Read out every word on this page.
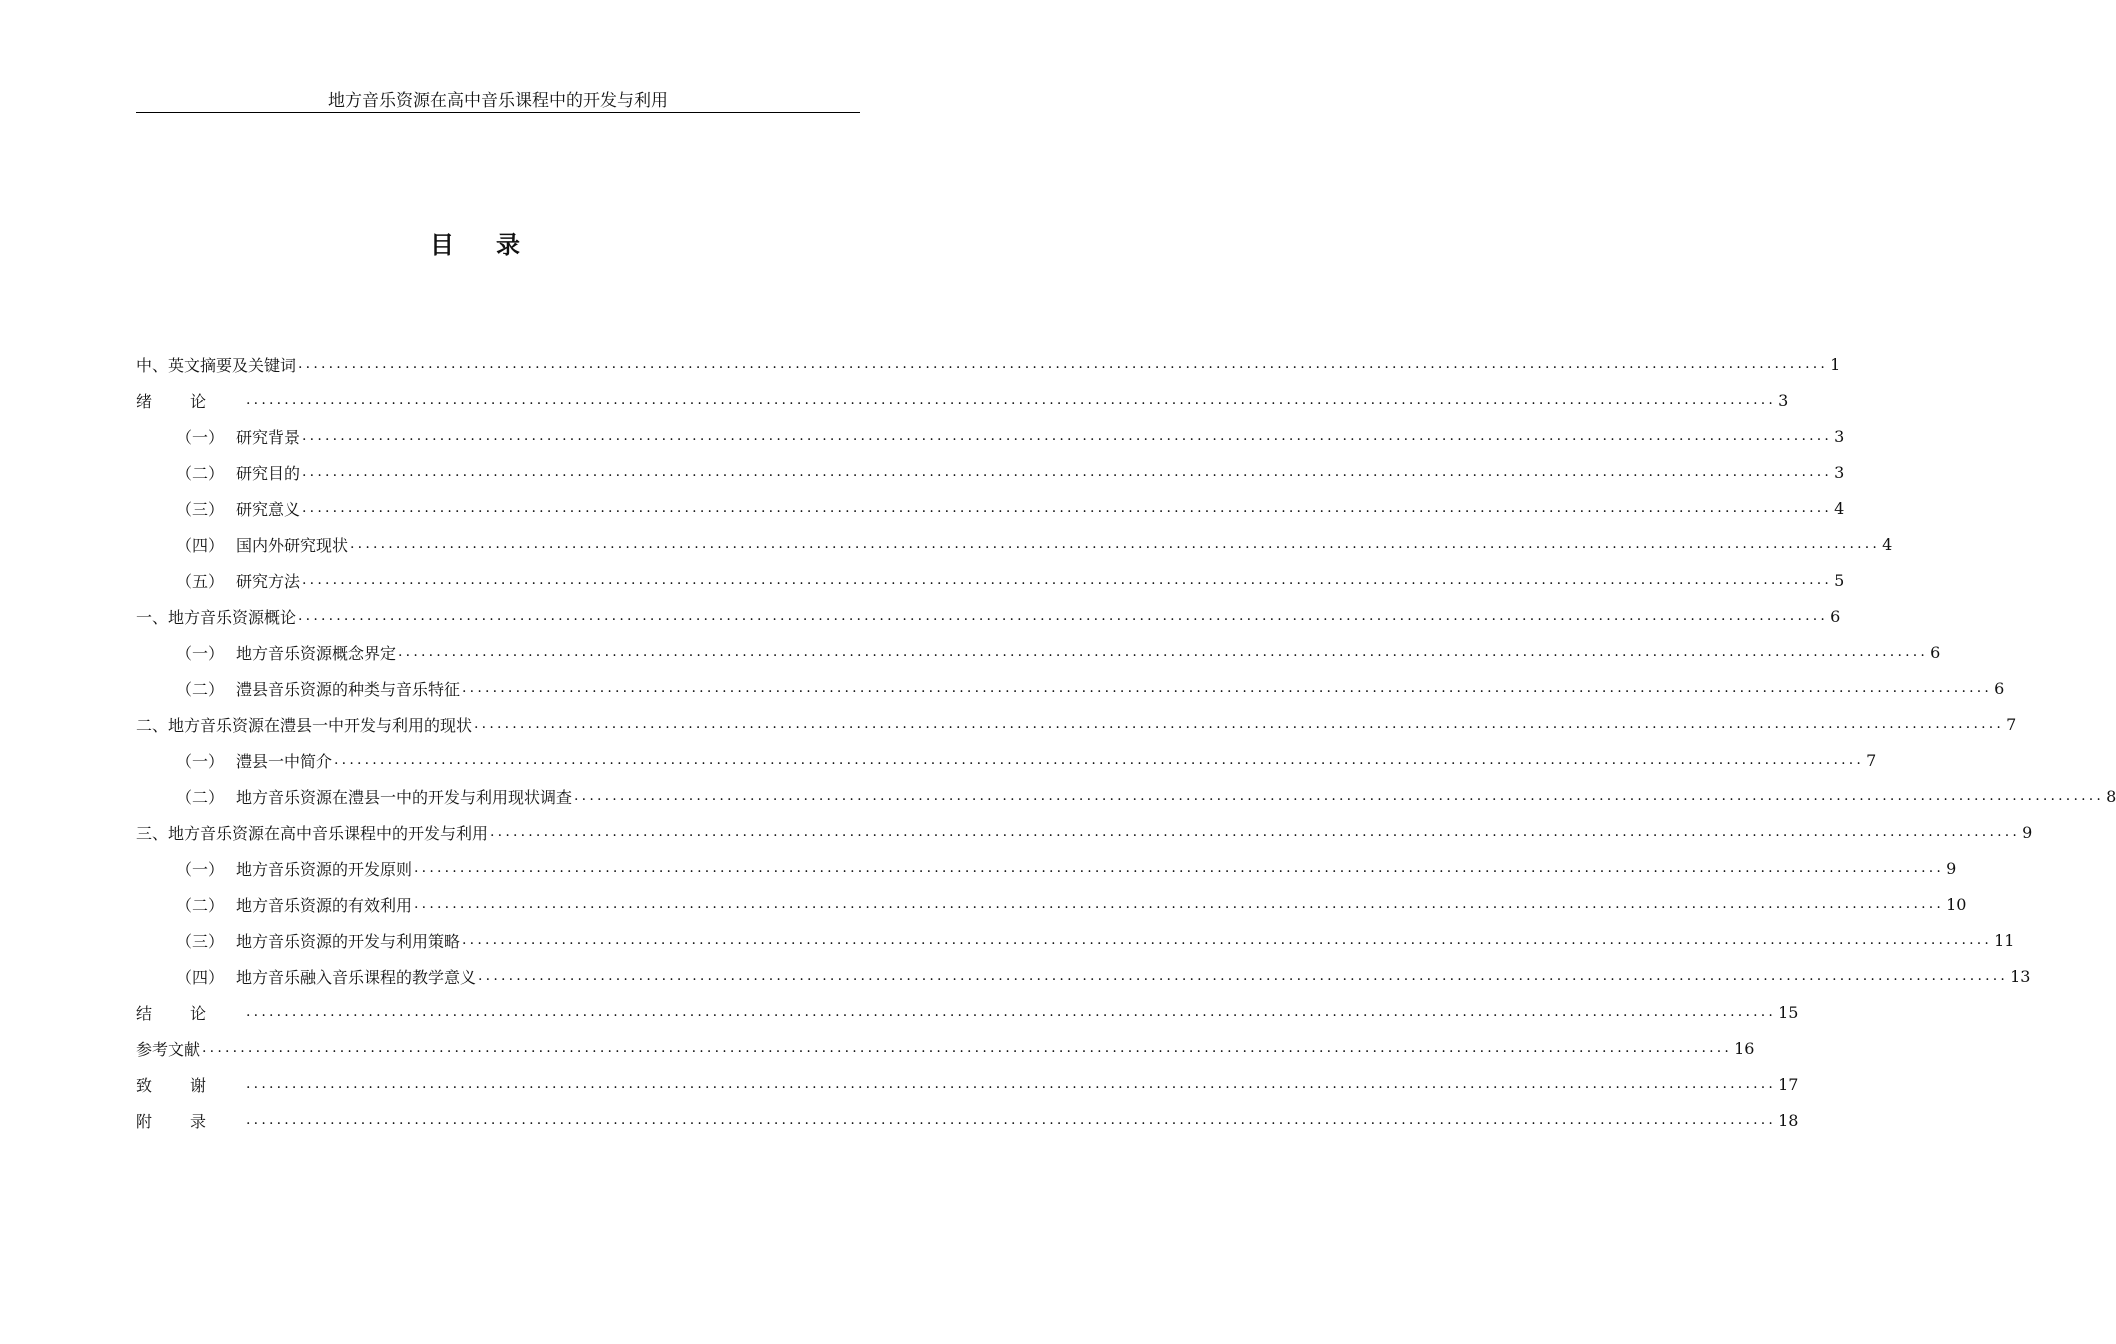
地方音乐资源在高中音乐课程中的开发与利用
目 录
中、英文摘要及关键词 ........................................................................................................................................................................................................ 1
绪论 ........................................................................................................................................................................................................ 3
（一） 研究背景 ........................................................................................................................................................................................................ 3
（二） 研究目的 ........................................................................................................................................................................................................ 3
（三） 研究意义 ........................................................................................................................................................................................................ 4
（四） 国内外研究现状 ........................................................................................................................................................................................................ 4
（五） 研究方法 ........................................................................................................................................................................................................ 5
一、地方音乐资源概论 ........................................................................................................................................................................................................ 6
（一） 地方音乐资源概念界定 ........................................................................................................................................................................................................ 6
（二） 澧县音乐资源的种类与音乐特征 ........................................................................................................................................................................................................ 6
二、地方音乐资源在澧县一中开发与利用的现状 ........................................................................................................................................................................................................ 7
（一） 澧县一中简介 ........................................................................................................................................................................................................ 7
（二） 地方音乐资源在澧县一中的开发与利用现状调查 ........................................................................................................................................................................................................ 8
三、地方音乐资源在高中音乐课程中的开发与利用 ........................................................................................................................................................................................................ 9
（一） 地方音乐资源的开发原则 ........................................................................................................................................................................................................ 9
（二） 地方音乐资源的有效利用 ........................................................................................................................................................................................................ 10
（三） 地方音乐资源的开发与利用策略 ........................................................................................................................................................................................................ 11
（四） 地方音乐融入音乐课程的教学意义 ........................................................................................................................................................................................................ 13
结论 ........................................................................................................................................................................................................ 15
参考文献 ........................................................................................................................................................................................................ 16
致谢 ........................................................................................................................................................................................................ 17
附录 ........................................................................................................................................................................................................ 18
